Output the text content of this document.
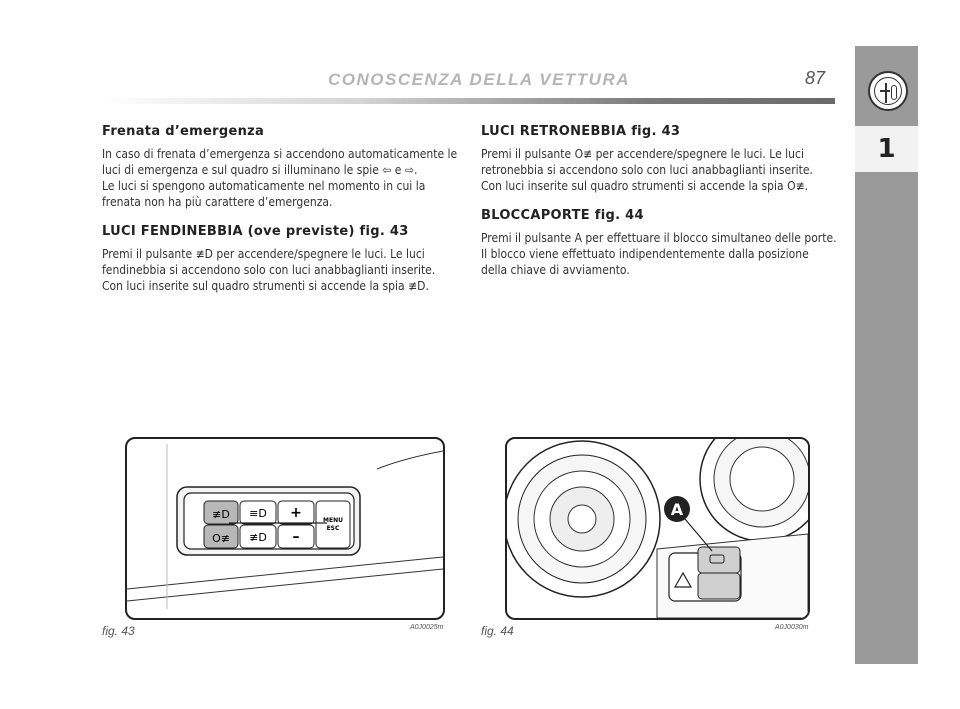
CONOSCENZA DELLA VETTURA	87
1
Frenata d’emergenza

In caso di frenata d’emergenza si accendono automaticamente le luci di emergenza e sul quadro si illuminano le spie ⇦ e ⇨.
Le luci si spengono automaticamente nel momento in cui la frenata non ha più carattere d’emergenza.

LUCI FENDINEBBIA (ove previste) fig. 43

Premi il pulsante ≢D per accendere/spegnere le luci. Le luci fendinebbia si accendono solo con luci anabbaglianti inserite. Con luci inserite sul quadro strumenti si accende la spia ≢D.

LUCI RETRONEBBIA fig. 43

Premi il pulsante O≢ per accendere/spegnere le luci. Le luci retronebbia si accendono solo con luci anabbaglianti inserite. Con luci inserite sul quadro strumenti si accende la spia O≢.

BLOCCAPORTE fig. 44

Premi il pulsante A per effettuare il blocco simultaneo delle porte. Il blocco viene effettuato indipendentemente dalla posizione della chiave di avviamento.

≢D
O≢
≡D
≢D
+
–
MENU
ESC
fig. 43	A0J0025m
A
fig. 44	A0J0030m
